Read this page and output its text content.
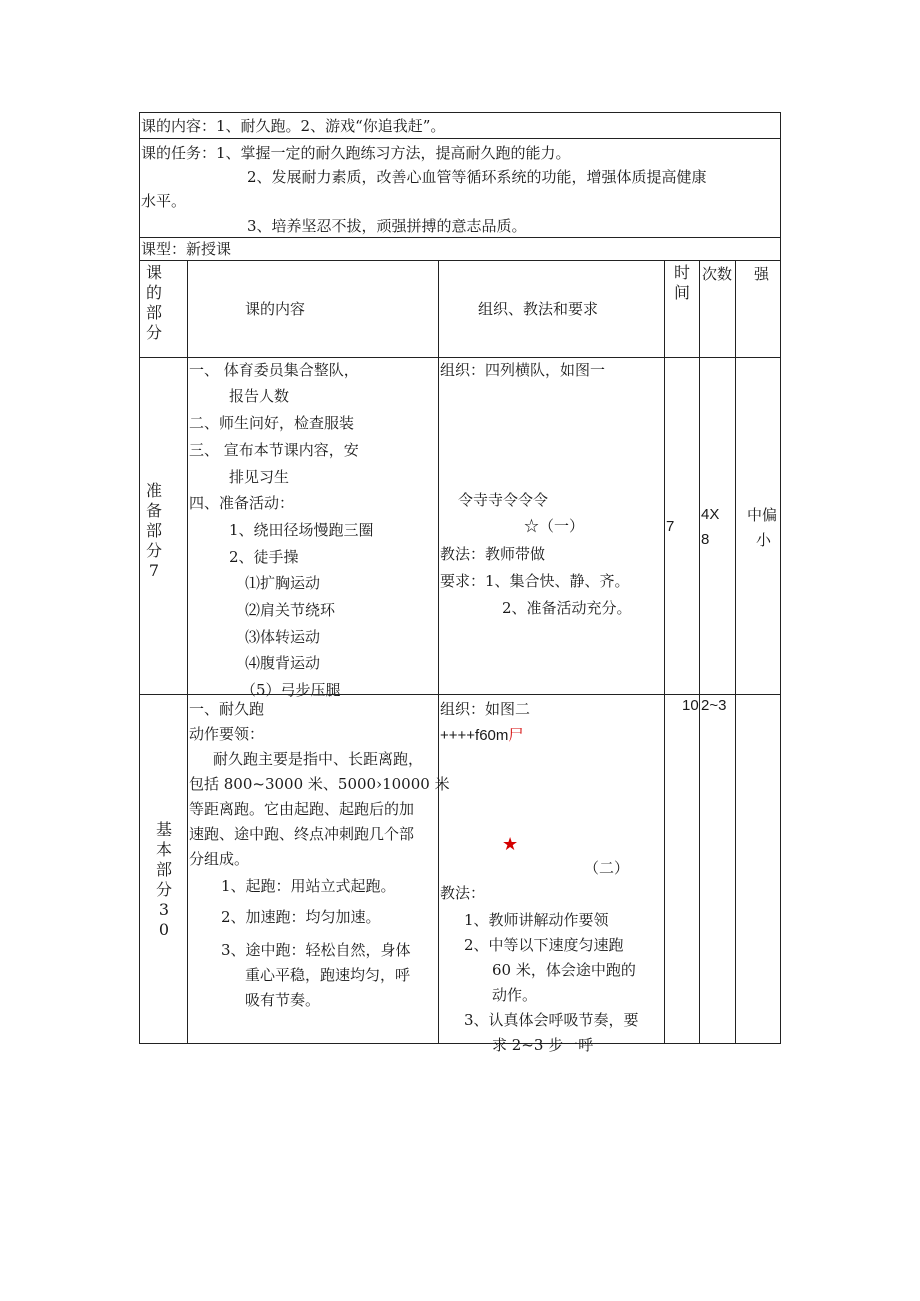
课的内容：1、耐久跑。2、游戏“你追我赶”。
课的任务：1、掌握一定的耐久跑练习方法，提高耐久跑的能力。
2、发展耐力素质，改善心血管等循环系统的功能，增强体质提高健康
水平。
3、培养坚忍不拔，顽强拼搏的意志品质。
课型：新授课
课的部分
课的内容	组织、教法和要求
时间
次数 强
准备部分7
一、 体育委员集合整队，
报告人数
二、师生问好，检查服装
三、 宣布本节课内容，安
排见习生
四、准备活动：
1、绕田径场慢跑三圈
2、徒手操
⑴扩胸运动
⑵肩关节绕环
⑶体转运动
⑷腹背运动
（5）弓步压腿
组织：四列横队，如图一
令寺寺令令令
☆（一）
教法：教师带做
要求：1、集合快、静、齐。
2、准备活动充分。
7
4X
8
中偏
小
基本部分30
一、耐久跑
动作要领：
耐久跑主要是指中、长距离跑，
包括 800~3000 米、5000›10000 米
等距离跑。它由起跑、起跑后的加
速跑、途中跑、终点冲刺跑几个部
分组成。
1、起跑：用站立式起跑。
2、加速跑：均匀加速。
3、途中跑：轻松自然，身体
重心平稳，跑速均匀，呼
吸有节奏。
组织：如图二
++++f60m尸
★
（二）
教法：
1、教师讲解动作要领
2、中等以下速度匀速跑
60 米，体会途中跑的
动作。
3、认真体会呼吸节奏，要
求 2~3 步一呼
10 2~3
